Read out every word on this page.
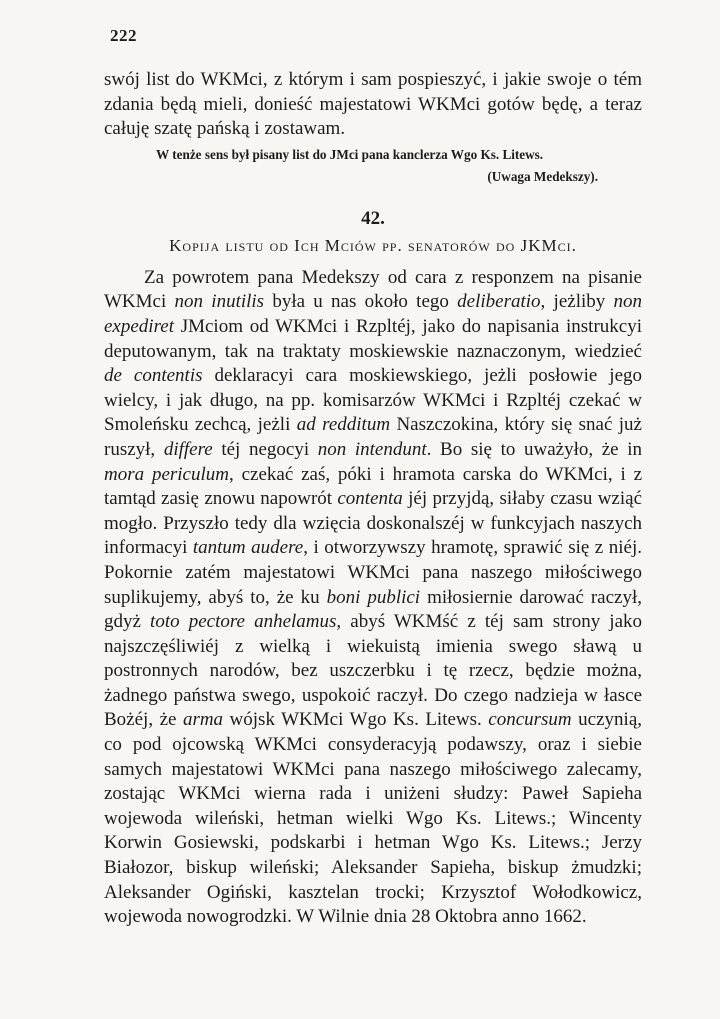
222

swój list do WKMci, z którym i sam pospieszyć, i jakie swoje o tém zdania będą mieli, donieść majestatowi WKMci gotów będę, a teraz całuję szatę pańską i zostawam.

W tenże sens był pisany list do JMci pana kanclerza Wgo Ks. Litews.
(Uwaga Medekszy).
42.
Kopija listu od Ich Mciów pp. senatorów do JKMci.

Za powrotem pana Medekszy od cara z responzem na pisanie WKMci non inutilis była u nas około tego deliberatio, jeżliby non expediret JMciom od WKMci i Rzpltéj, jako do napisania instrukcyi deputowanym, tak na traktaty moskiewskie naznaczonym, wiedzieć de contentis deklaracyi cara moskiewskiego, jeżli posłowie jego wielcy, i jak długo, na pp. komisarzów WKMci i Rzpltéj czekać w Smoleńsku zechcą, jeżli ad redditum Naszczokina, który się snać już ruszył, differe téj negocyi non intendunt. Bo się to uważyło, że in mora periculum, czekać zaś, póki i hramota carska do WKMci, i z tamtąd zasię znowu napowrót contenta jéj przyjdą, siłaby czasu wziąć mogło. Przyszło tedy dla wzięcia doskonalszéj w funkcyjach naszych informacyi tantum audere, i otworzywszy hramotę, sprawić się z niéj. Pokornie zatém majestatowi WKMci pana naszego miłościwego suplikujemy, abyś to, że ku boni publici miłosiernie darować raczył, gdyż toto pectore anhelamus, abyś WKMść z téj sam strony jako najszczęśliwiéj z wielką i wiekuistą imienia swego sławą u postronnych narodów, bez uszczerbku i tę rzecz, będzie można, żadnego państwa swego, uspokoić raczył. Do czego nadzieja w łasce Bożéj, że arma wójsk WKMci Wgo Ks. Litews. concursum uczynią, co pod ojcowską WKMci consyderacyją podawszy, oraz i siebie samych majestatowi WKMci pana naszego miłościwego zalecamy, zostając WKMci wierna rada i uniżeni słudzy: Paweł Sapieha wojewoda wileński, hetman wielki Wgo Ks. Litews.; Wincenty Korwin Gosiewski, podskarbi i hetman Wgo Ks. Litews.; Jerzy Białozor, biskup wileński; Aleksander Sapieha, biskup żmudzki; Aleksander Ogiński, kasztelan trocki; Krzysztof Wołodkowicz, wojewoda nowogrodzki. W Wilnie dnia 28 Oktobra anno 1662.
